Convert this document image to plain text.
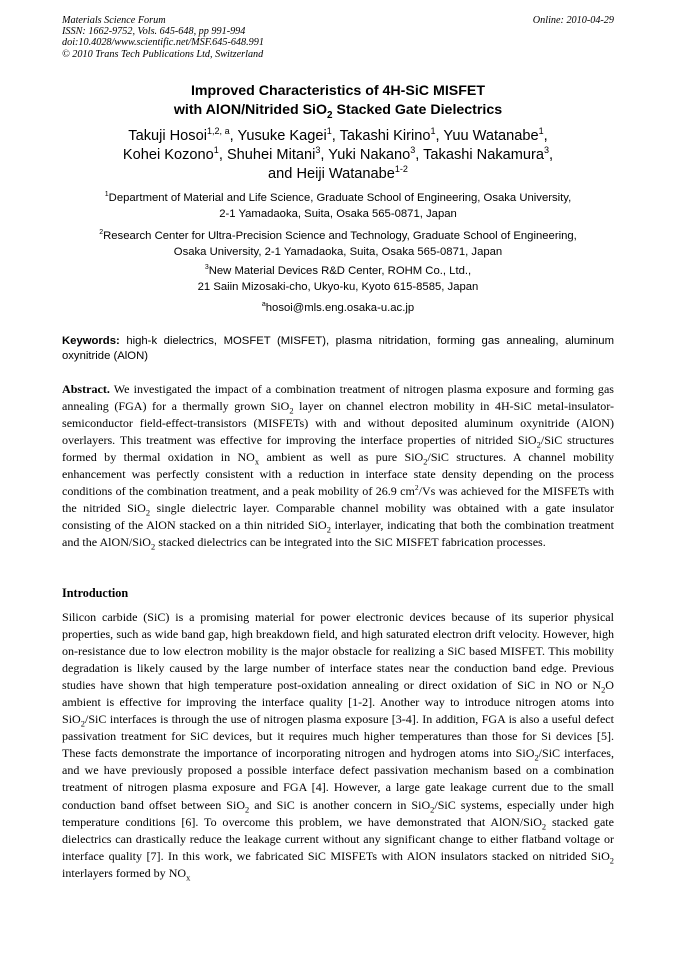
Materials Science Forum
ISSN: 1662-9752, Vols. 645-648, pp 991-994
doi:10.4028/www.scientific.net/MSF.645-648.991
© 2010 Trans Tech Publications Ltd, Switzerland
Online: 2010-04-29
Improved Characteristics of 4H-SiC MISFET
with AlON/Nitrided SiO$_2$ Stacked Gate Dielectrics
Takuji Hosoi$^{1,2, a}$, Yusuke Kagei$^1$, Takashi Kirino$^1$, Yuu Watanabe$^1$,
Kohei Kozono$^1$, Shuhei Mitani$^3$, Yuki Nakano$^3$, Takashi Nakamura$^3$,
and Heiji Watanabe$^{1-2}$
$^1$Department of Material and Life Science, Graduate School of Engineering, Osaka University,
2-1 Yamadaoka, Suita, Osaka 565-0871, Japan
$^2$Research Center for Ultra-Precision Science and Technology, Graduate School of Engineering,
Osaka University, 2-1 Yamadaoka, Suita, Osaka 565-0871, Japan
$^3$New Material Devices R&D Center, ROHM Co., Ltd.,
21 Saiin Mizosaki-cho, Ukyo-ku, Kyoto 615-8585, Japan
$^a$hosoi@mls.eng.osaka-u.ac.jp
Keywords: high-k dielectrics, MOSFET (MISFET), plasma nitridation, forming gas annealing, aluminum oxynitride (AlON)
Abstract. We investigated the impact of a combination treatment of nitrogen plasma exposure and forming gas annealing (FGA) for a thermally grown SiO$_2$ layer on channel electron mobility in 4H-SiC metal-insulator-semiconductor field-effect-transistors (MISFETs) with and without deposited aluminum oxynitride (AlON) overlayers. This treatment was effective for improving the interface properties of nitrided SiO$_2$/SiC structures formed by thermal oxidation in $NO_x$ ambient as well as pure SiO$_2$/SiC structures. A channel mobility enhancement was perfectly consistent with a reduction in interface state density depending on the process conditions of the combination treatment, and a peak mobility of 26.9 $cm^2/Vs$ was achieved for the MISFETs with the nitrided SiO$_2$ single dielectric layer. Comparable channel mobility was obtained with a gate insulator consisting of the AlON stacked on a thin nitrided SiO$_2$ interlayer, indicating that both the combination treatment and the AlON/SiO$_2$ stacked dielectrics can be integrated into the SiC MISFET fabrication processes.
Introduction
Silicon carbide (SiC) is a promising material for power electronic devices because of its superior physical properties, such as wide band gap, high breakdown field, and high saturated electron drift velocity. However, high on-resistance due to low electron mobility is the major obstacle for realizing a SiC based MISFET. This mobility degradation is likely caused by the large number of interface states near the conduction band edge. Previous studies have shown that high temperature post-oxidation annealing or direct oxidation of SiC in NO or $N_2O$ ambient is effective for improving the interface quality [1-2]. Another way to introduce nitrogen atoms into SiO$_2$/SiC interfaces is through the use of nitrogen plasma exposure [3-4]. In addition, FGA is also a useful defect passivation treatment for SiC devices, but it requires much higher temperatures than those for Si devices [5]. These facts demonstrate the importance of incorporating nitrogen and hydrogen atoms into SiO$_2$/SiC interfaces, and we have previously proposed a possible interface defect passivation mechanism based on a combination treatment of nitrogen plasma exposure and FGA [4]. However, a large gate leakage current due to the small conduction band offset between SiO$_2$ and SiC is another concern in SiO$_2$/SiC systems, especially under high temperature conditions [6]. To overcome this problem, we have demonstrated that AlON/SiO$_2$ stacked gate dielectrics can drastically reduce the leakage current without any significant change to either flatband voltage or interface quality [7]. In this work, we fabricated SiC MISFETs with AlON insulators stacked on nitrided SiO$_2$ interlayers formed by $NO_x$
